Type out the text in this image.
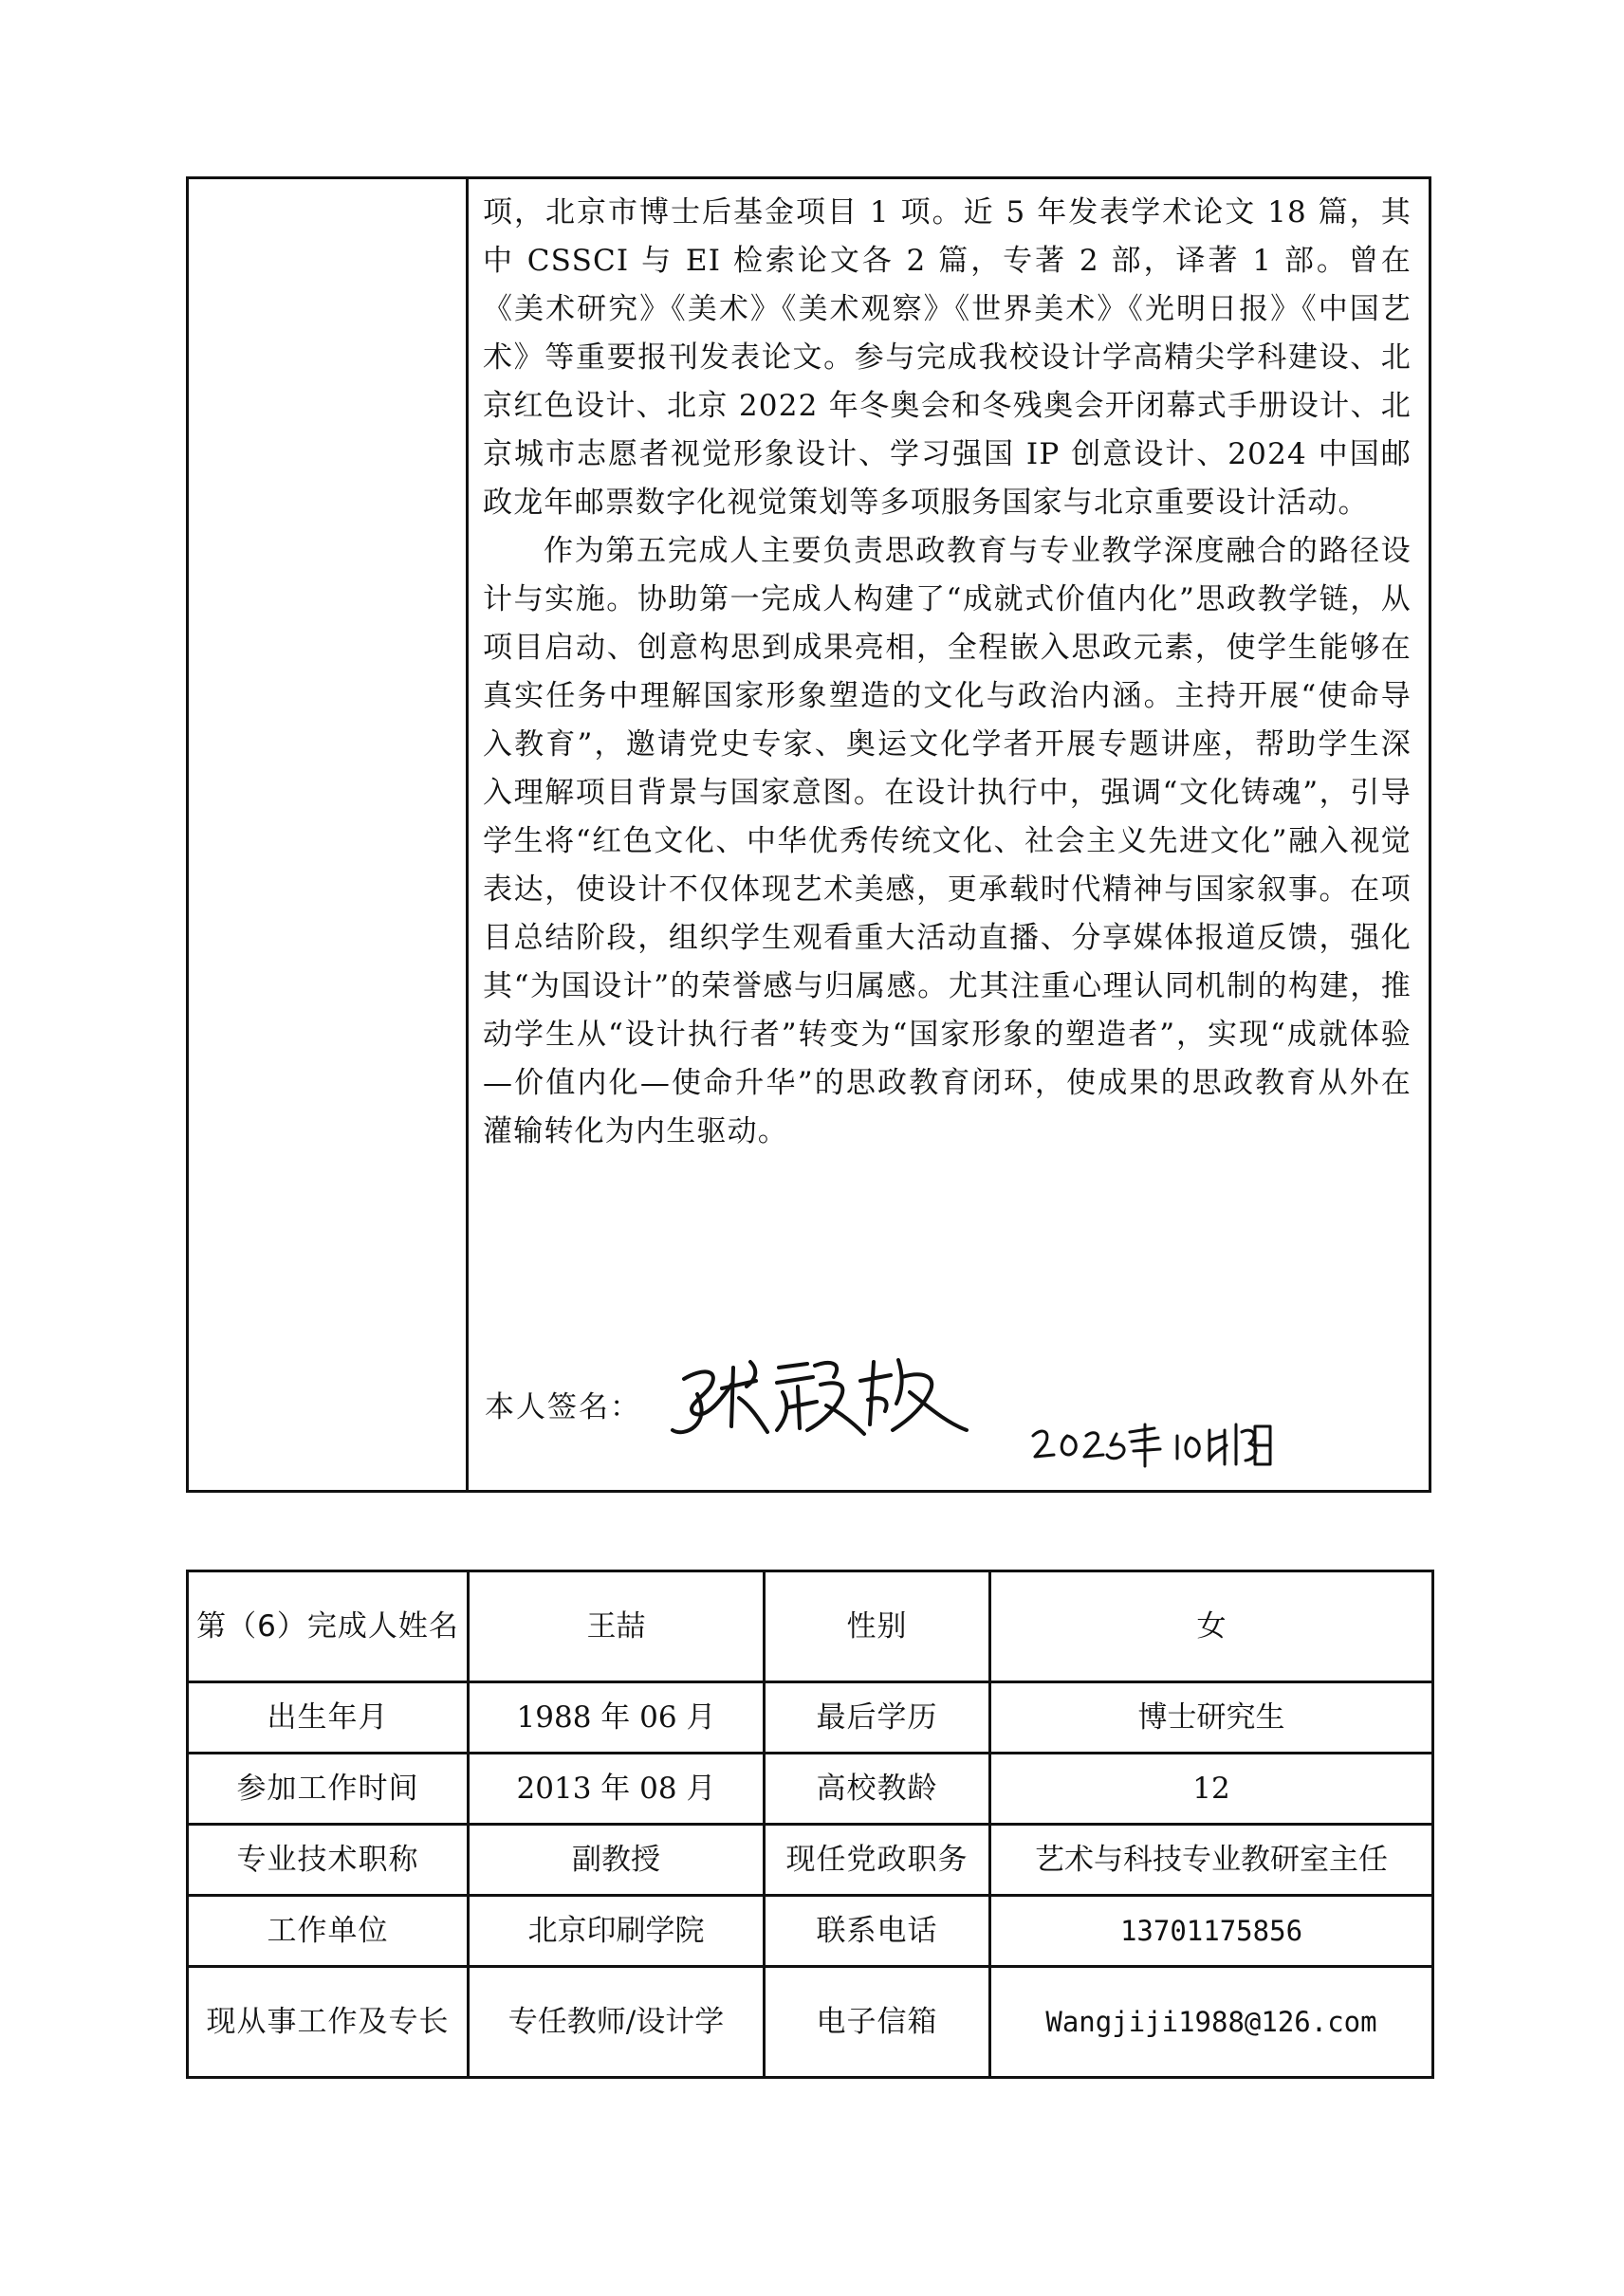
项，北京市博士后基金项目 1 项。近 5 年发表学术论文 18 篇，其中 CSSCI 与 EI 检索论文各 2 篇，专著 2 部，译著 1 部。曾在《美术研究》《美术》《美术观察》《世界美术》《光明日报》《中国艺术》等重要报刊发表论文。参与完成我校设计学高精尖学科建设、北京红色设计、北京 2022 年冬奥会和冬残奥会开闭幕式手册设计、北京城市志愿者视觉形象设计、学习强国 IP 创意设计、2024 中国邮政龙年邮票数字化视觉策划等多项服务国家与北京重要设计活动。

作为第五完成人主要负责思政教育与专业教学深度融合的路径设计与实施。协助第一完成人构建了“成就式价值内化”思政教学链，从项目启动、创意构思到成果亮相，全程嵌入思政元素，使学生能够在真实任务中理解国家形象塑造的文化与政治内涵。主持开展“使命导入教育”，邀请党史专家、奥运文化学者开展专题讲座，帮助学生深入理解项目背景与国家意图。在设计执行中，强调“文化铸魂”，引导学生将“红色文化、中华优秀传统文化、社会主义先进文化”融入视觉表达，使设计不仅体现艺术美感，更承载时代精神与国家叙事。在项目总结阶段，组织学生观看重大活动直播、分享媒体报道反馈，强化其“为国设计”的荣誉感与归属感。尤其注重心理认同机制的构建，推动学生从“设计执行者”转变为“国家形象的塑造者”，实现“成就体验—价值内化—使命升华”的思政教育闭环，使成果的思政教育从外在灌输转化为内生驱动。

本人签名：
第（6）完成人姓名	王喆	性别	女
出生年月	1988 年 06 月	最后学历	博士研究生
参加工作时间	2013 年 08 月	高校教龄	12
专业技术职称	副教授	现任党政职务	艺术与科技专业教研室主任
工作单位	北京印刷学院	联系电话	13701175856
现从事工作及专长	专任教师/设计学	电子信箱	Wangjiji1988@126.com
